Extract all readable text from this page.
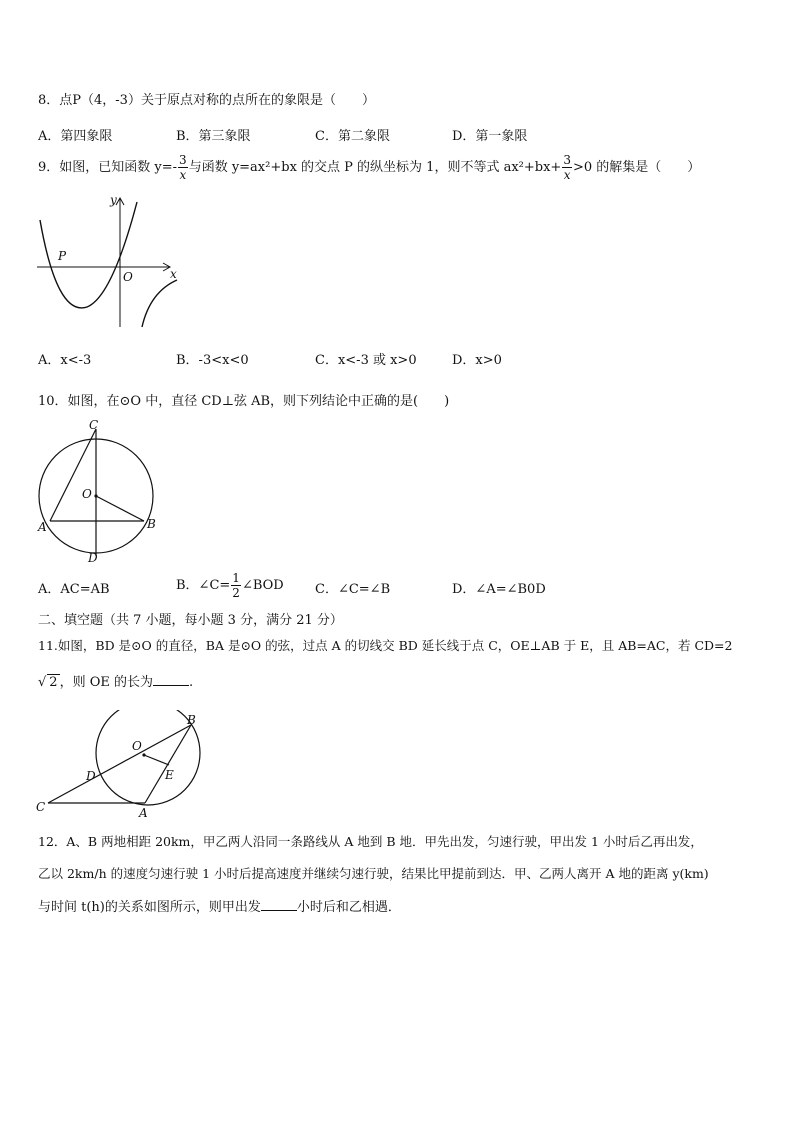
8．点P（4，-3）关于原点对称的点所在的象限是（　　）
A．第四象限	B．第三象限	C．第二象限	D．第一象限
9．如图，已知函数 $y=- \frac{3}{x}$ 与函数 y=ax²+bx 的交点 P 的纵坐标为 1，则不等式 $ax^2+bx+ \frac{3}{x} >0$ 的解集是（　　）
y
x
O
P
A．x<-3	B．-3<x<0	C．x<-3 或 x>0	D．x>0
10．如图，在⊙O 中，直径 CD⊥弦 AB，则下列结论中正确的是(　　)
C
O
A	B
D
A．AC=AB	B．∠C= $\frac{1}{2}$ ∠BOD C．∠C=∠B	D．∠A=∠B0D
二、填空题（共 7 小题，每小题 3 分，满分 21 分）
11.如图，BD 是⊙O 的直径，BA 是⊙O 的弦，过点 A 的切线交 BD 延长线于点 C，OE⊥AB 于 E，且 AB=AC，若 CD=2
√ 2 ，则 OE 的长为	.
B
O
E
D
C	A
12．A、B 两地相距 20km，甲乙两人沿同一条路线从 A 地到 B 地．甲先出发，匀速行驶，甲出发 1 小时后乙再出发，
乙以 2km/h 的速度匀速行驶 1 小时后提高速度并继续匀速行驶，结果比甲提前到达．甲、乙两人离开 A 地的距离 y(km)
与时间 t(h)的关系如图所示，则甲出发	小时后和乙相遇．
